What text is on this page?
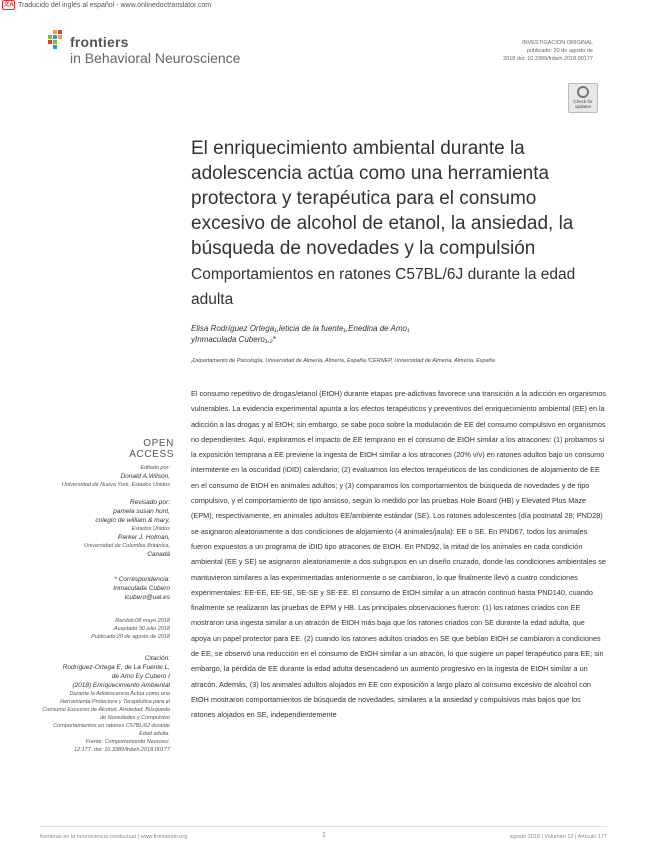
文A Traducido del inglés al español - www.onlinedoctranslator.com
frontiers
in Behavioral Neuroscience
INVESTIGACION ORIGINAL
publicado: 20 de agosto de
2018 doi: 10.3389/fnbeh.2018.00177
Check for
updates
El enriquecimiento ambiental durante la adolescencia actúa como una herramienta protectora y terapéutica para el consumo excesivo de alcohol de etanol, la ansiedad, la búsqueda de novedades y la compulsión
Comportamientos en ratones C57BL/6J durante la edad adulta
Elisa Rodríguez Ortega₁,leticia de la fuente₁,Enedina de Amo₁
yInmaculada Cubero₁,₂*
₁Departamento de Psicología, Universidad de Almería, Almería, España,²CERNEP, Universidad de Almería, Almería, España
El consumo repetitivo de drogas/etanol (EtOH) durante etapas pre-adictivas favorece una transición a la adicción en organismos vulnerables. La evidencia experimental apunta a los efectos terapéuticos y preventivos del enriquecimiento ambiental (EE) en la adicción a las drogas y al EtOH; sin embargo, se sabe poco sobre la modulación de EE del consumo compulsivo en organismos no dependientes. Aquí, exploramos el impacto de EE temprano en el consumo de EtOH similar a los atracones: (1) probamos si la exposición temprana a EE previene la ingesta de EtOH similar a los atracones (20% v/v) en ratones adultos bajo un consumo intermitente en la oscuridad (iDID) calendario; (2) evaluamos los efectos terapéuticos de las condiciones de alojamiento de EE en el consumo de EtOH en animales adultos; y (3) comparamos los comportamientos de búsqueda de novedades y de tipo compulsivo, y el comportamiento de tipo ansioso, según lo medido por las pruebas Hole Board (HB) y Elevated Plus Maze (EPM), respectivamente, en animales adultos EE/ambiente estándar (SE). Los ratones adolescentes (día postnatal 28; PND28) se asignaron aleatoriamente a dos condiciones de alojamiento (4 animales/jaula): EE o SE. En PND67, todos los animales fueron expuestos a un programa de iDID tipo atracones de EtOH. En PND92, la mitad de los animales en cada condición ambiental (EE y SE) se asignaron aleatoriamente a dos subgrupos en un diseño cruzado, donde las condiciones ambientales se mantuvieron similares a las experimentadas anteriormente o se cambiaron, lo que finalmente llevó a cuatro condiciones experimentales: EE-EE, EE-SE, SE-SE y SE-EE. El consumo de EtOH similar a un atracón continuó hasta PND140, cuando finalmente se realizaron las pruebas de EPM y HB. Las principales observaciones fueron: (1) los ratones criados con EE mostraron una ingesta similar a un atracón de EtOH más baja que los ratones criados con SE durante la edad adulta, que apoya un papel protector para EE. (2) cuando los ratones adultos criados en SE que bebían EtOH se cambiaron a condiciones de EE, se observó una reducción en el consumo de EtOH similar a un atracón, lo que sugiere un papel terapéutico para EE; sin embargo, la pérdida de EE durante la edad adulta desencadenó un aumento progresivo en la ingesta de EtOH similar a un atracón. Además, (3) los animales adultos alojados en EE con exposición a largo plazo al consumo excesivo de alcohol con EtOH mostraron comportamientos de búsqueda de novedades, similares a la ansiedad y compulsivos más bajos que los ratones alojados en SE, independientemente
OPEN ACCESS
Editado por:
Donald A.Wilson,
Universidad de Nueva York, Estados Unidos
Revisado por:
pamela susan hunt,
colegio de william & mary,
Estados Unidos
Parker J. Holman,
Universidad de Columbia Británica,
Canadá
* Correspondencia:
Inmaculada Cubero
icubero@ual.es
Recibió:08 mayo 2018
Aceptado:30 julio 2018
Publicado:20 de agosto de 2018
Citación:
Rodríguez-Ortega E, de La Fuente L,
de Amo Ey Cubero I
(2018) Enriquecimiento Ambiental
Durante la Adolescencia Actúa como una
Herramienta Protectora y Terapéutica para el
Consumo Excesivo de Alcohol, Ansiedad, Búsqueda
de Novedades y Compulsivo
Comportamientos en ratones C57BL/6J durante
Edad adulta.
Frente. Comportamiento Neurosci.
12:177. doi: 10.3389/fnbeh.2018.00177
fronteras en la neurociencia conductual | www.frontiersin.org	1	agosto 2018 | Volumen 12 | Artículo 177
